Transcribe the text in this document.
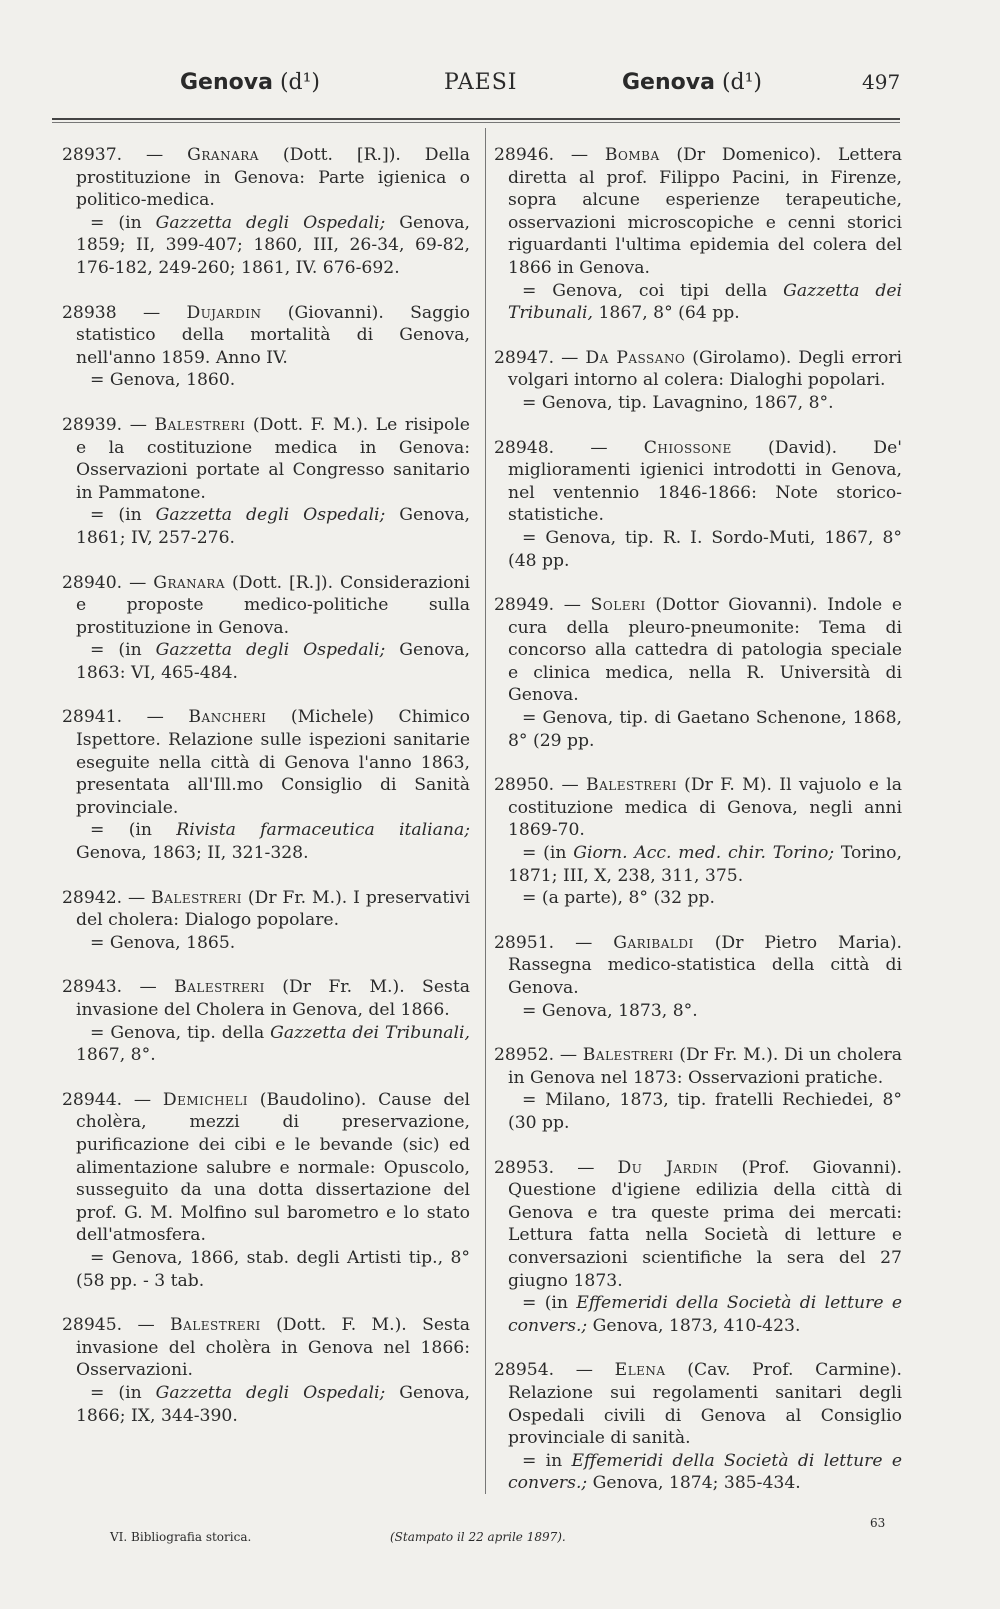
Genova (d¹)	PAESI	Genova (d¹)	497

28937. — Granara (Dott. [R.]). Della prostituzione in Genova: Parte igienica o politico-medica.

= (in Gazzetta degli Ospedali; Genova, 1859; II, 399-407; 1860, III, 26-34, 69-82, 176-182, 249-260; 1861, IV. 676-692.

28938 — Dujardin (Giovanni). Saggio statistico della mortalità di Genova, nell'anno 1859. Anno IV.

= Genova, 1860.

28939. — Balestreri (Dott. F. M.). Le risipole e la costituzione medica in Genova: Osservazioni portate al Congresso sanitario in Pammatone.

= (in Gazzetta degli Ospedali; Genova, 1861; IV, 257-276.

28940. — Granara (Dott. [R.]). Considerazioni e proposte medico-politiche sulla prostituzione in Genova.

= (in Gazzetta degli Ospedali; Genova, 1863: VI, 465-484.

28941. — Bancheri (Michele) Chimico Ispettore. Relazione sulle ispezioni sanitarie eseguite nella città di Genova l'anno 1863, presentata all'Ill.mo Consiglio di Sanità provinciale.

= (in Rivista farmaceutica italiana; Genova, 1863; II, 321-328.

28942. — Balestreri (Dr Fr. M.). I preservativi del cholera: Dialogo popolare.

= Genova, 1865.

28943. — Balestreri (Dr Fr. M.). Sesta invasione del Cholera in Genova, del 1866.

= Genova, tip. della Gazzetta dei Tribunali, 1867, 8°.

28944. — Demicheli (Baudolino). Cause del cholèra, mezzi di preservazione, purificazione dei cibi e le bevande (sic) ed alimentazione salubre e normale: Opuscolo, susseguito da una dotta dissertazione del prof. G. M. Molfino sul barometro e lo stato dell'atmosfera.

= Genova, 1866, stab. degli Artisti tip., 8° (58 pp. - 3 tab.

28945. — Balestreri (Dott. F. M.). Sesta invasione del cholèra in Genova nel 1866: Osservazioni.

= (in Gazzetta degli Ospedali; Genova, 1866; IX, 344-390.

28946. — Bomba (Dr Domenico). Lettera diretta al prof. Filippo Pacini, in Firenze, sopra alcune esperienze terapeutiche, osservazioni microscopiche e cenni storici riguardanti l'ultima epidemia del colera del 1866 in Genova.

= Genova, coi tipi della Gazzetta dei Tribunali, 1867, 8° (64 pp.

28947. — Da Passano (Girolamo). Degli errori volgari intorno al colera: Dialoghi popolari.

= Genova, tip. Lavagnino, 1867, 8°.

28948. — Chiossone (David). De' miglioramenti igienici introdotti in Genova, nel ventennio 1846-1866: Note storico-statistiche.

= Genova, tip. R. I. Sordo-Muti, 1867, 8° (48 pp.

28949. — Soleri (Dottor Giovanni). Indole e cura della pleuro-pneumonite: Tema di concorso alla cattedra di patologia speciale e clinica medica, nella R. Università di Genova.

= Genova, tip. di Gaetano Schenone, 1868, 8° (29 pp.

28950. — Balestreri (Dr F. M). Il vajuolo e la costituzione medica di Genova, negli anni 1869-70.

= (in Giorn. Acc. med. chir. Torino; Torino, 1871; III, X, 238, 311, 375.

= (a parte), 8° (32 pp.

28951. — Garibaldi (Dr Pietro Maria). Rassegna medico-statistica della città di Genova.

= Genova, 1873, 8°.

28952. — Balestreri (Dr Fr. M.). Di un cholera in Genova nel 1873: Osservazioni pratiche.

= Milano, 1873, tip. fratelli Rechiedei, 8° (30 pp.

28953. — Du Jardin (Prof. Giovanni). Questione d'igiene edilizia della città di Genova e tra queste prima dei mercati: Lettura fatta nella Società di letture e conversazioni scientifiche la sera del 27 giugno 1873.

= (in Effemeridi della Società di letture e convers.; Genova, 1873, 410-423.

28954. — Elena (Cav. Prof. Carmine). Relazione sui regolamenti sanitari degli Ospedali civili di Genova al Consiglio provinciale di sanità.

= in Effemeridi della Società di letture e convers.; Genova, 1874; 385-434.

VI. Bibliografia storica.	(Stampato il 22 aprile 1897).
63
